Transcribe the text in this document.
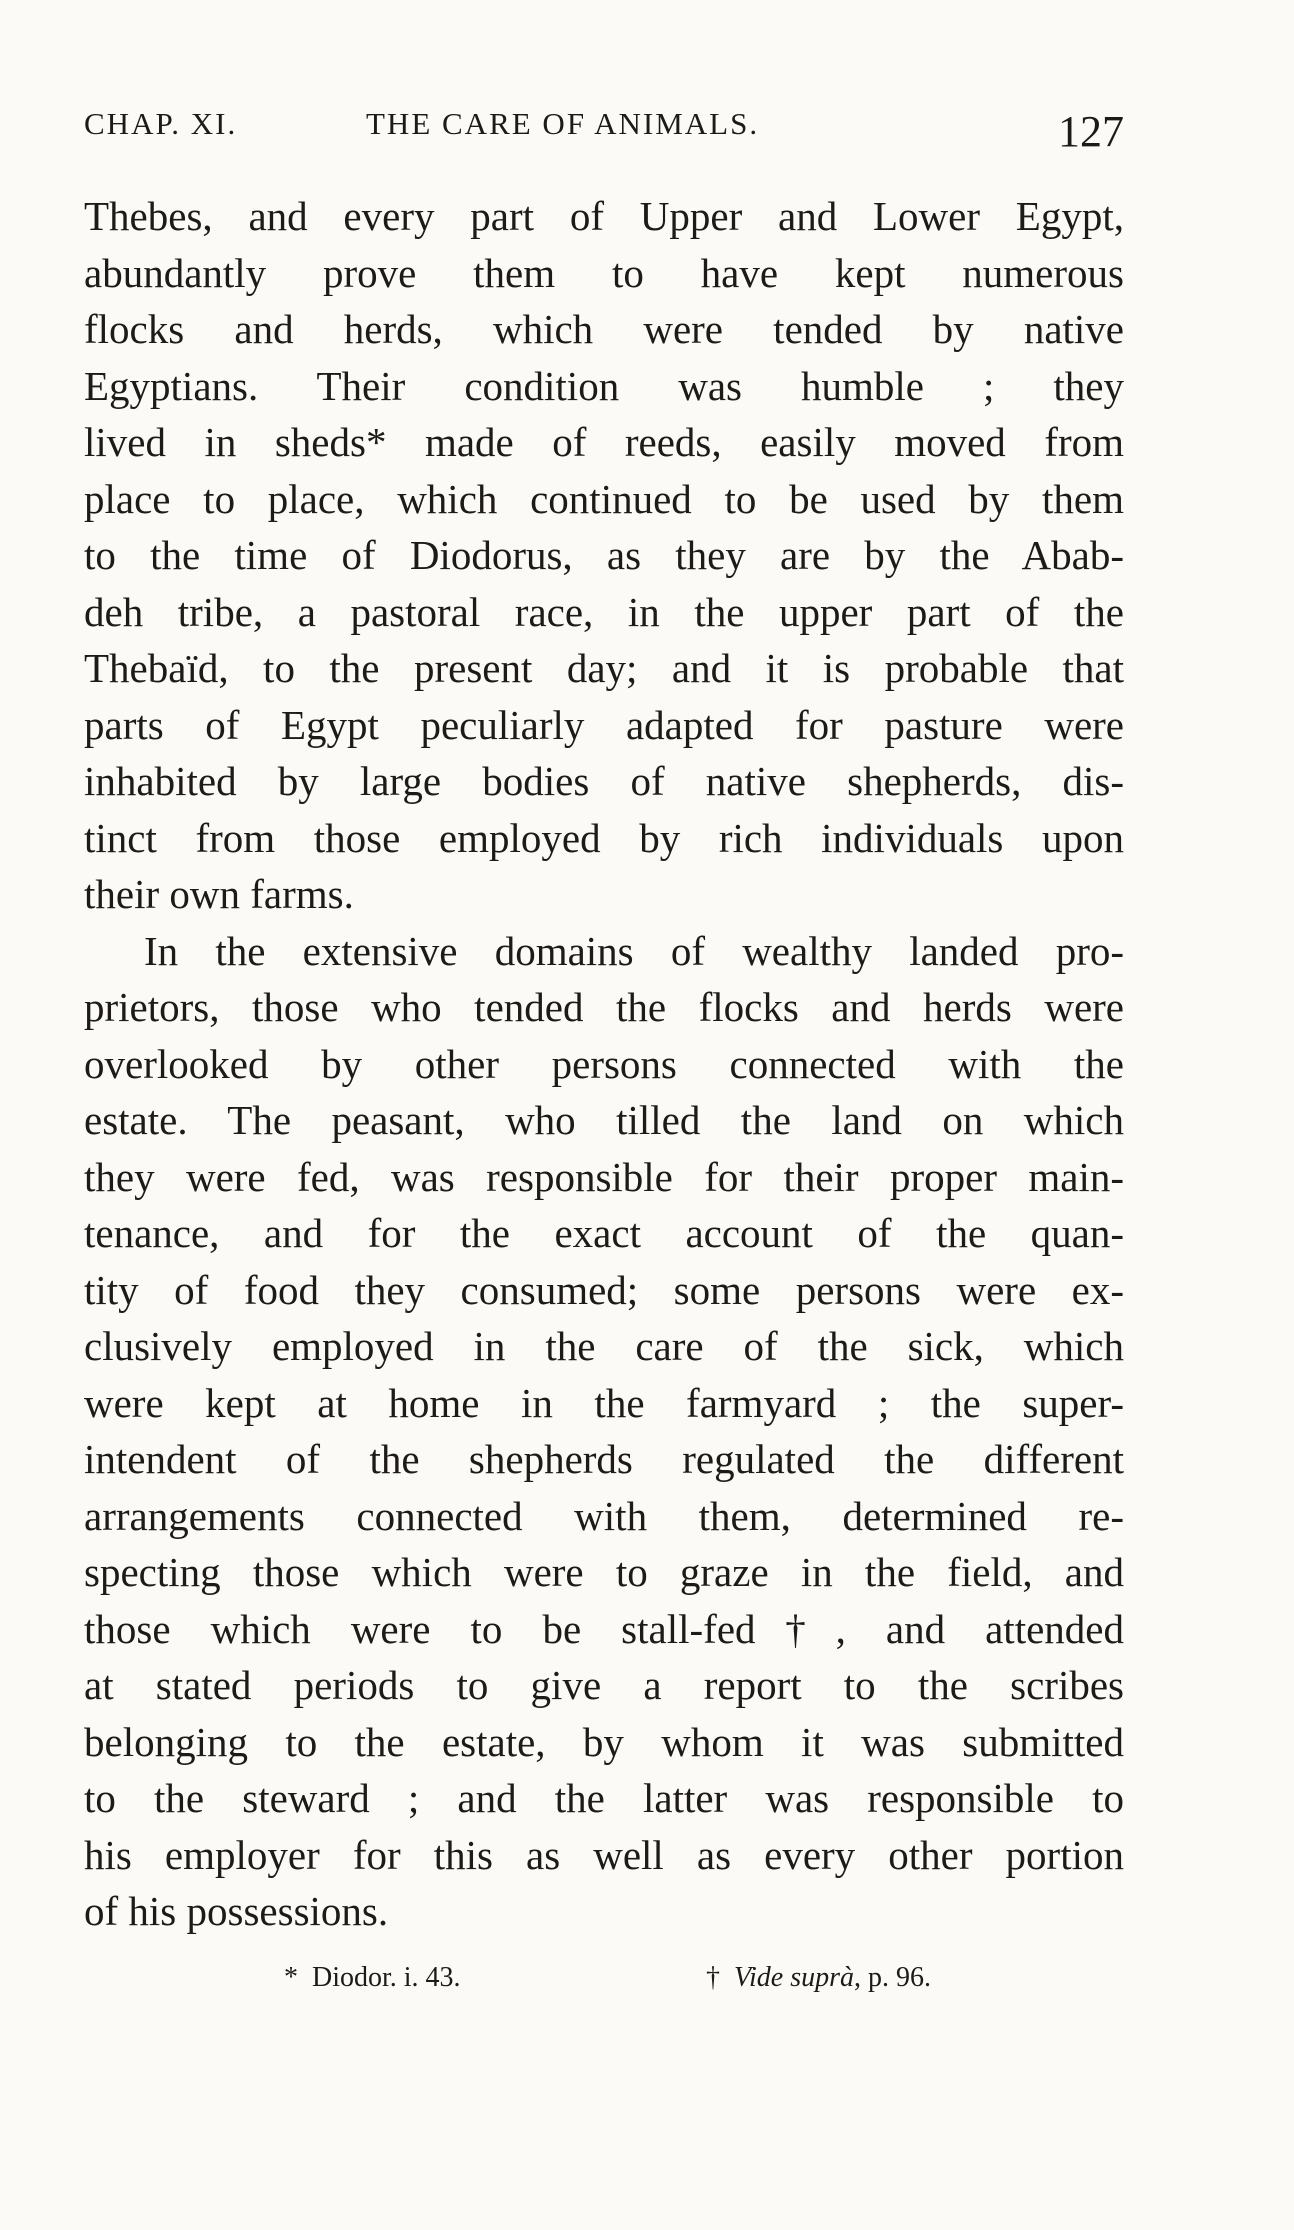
CHAP. XI.	THE CARE OF ANIMALS.	127
Thebes, and every part of Upper and Lower Egypt,
abundantly prove them to have kept numerous
flocks and herds, which were tended by native
Egyptians. Their condition was humble ; they
lived in sheds* made of reeds, easily moved from
place to place, which continued to be used by them
to the time of Diodorus, as they are by the Abab-
deh tribe, a pastoral race, in the upper part of the
Thebaïd, to the present day; and it is probable that
parts of Egypt peculiarly adapted for pasture were
inhabited by large bodies of native shepherds, dis-
tinct from those employed by rich individuals upon
their own farms.
In the extensive domains of wealthy landed pro-
prietors, those who tended the flocks and herds were
overlooked by other persons connected with the
estate. The peasant, who tilled the land on which
they were fed, was responsible for their proper main-
tenance, and for the exact account of the quan-
tity of food they consumed; some persons were ex-
clusively employed in the care of the sick, which
were kept at home in the farmyard ; the super-
intendent of the shepherds regulated the different
arrangements connected with them, determined re-
specting those which were to graze in the field, and
those which were to be stall-fed†, and attended
at stated periods to give a report to the scribes
belonging to the estate, by whom it was submitted
to the steward ; and the latter was responsible to
his employer for this as well as every other portion
of his possessions.
* Diodor. i. 43.	† Vide suprà, p. 96.
